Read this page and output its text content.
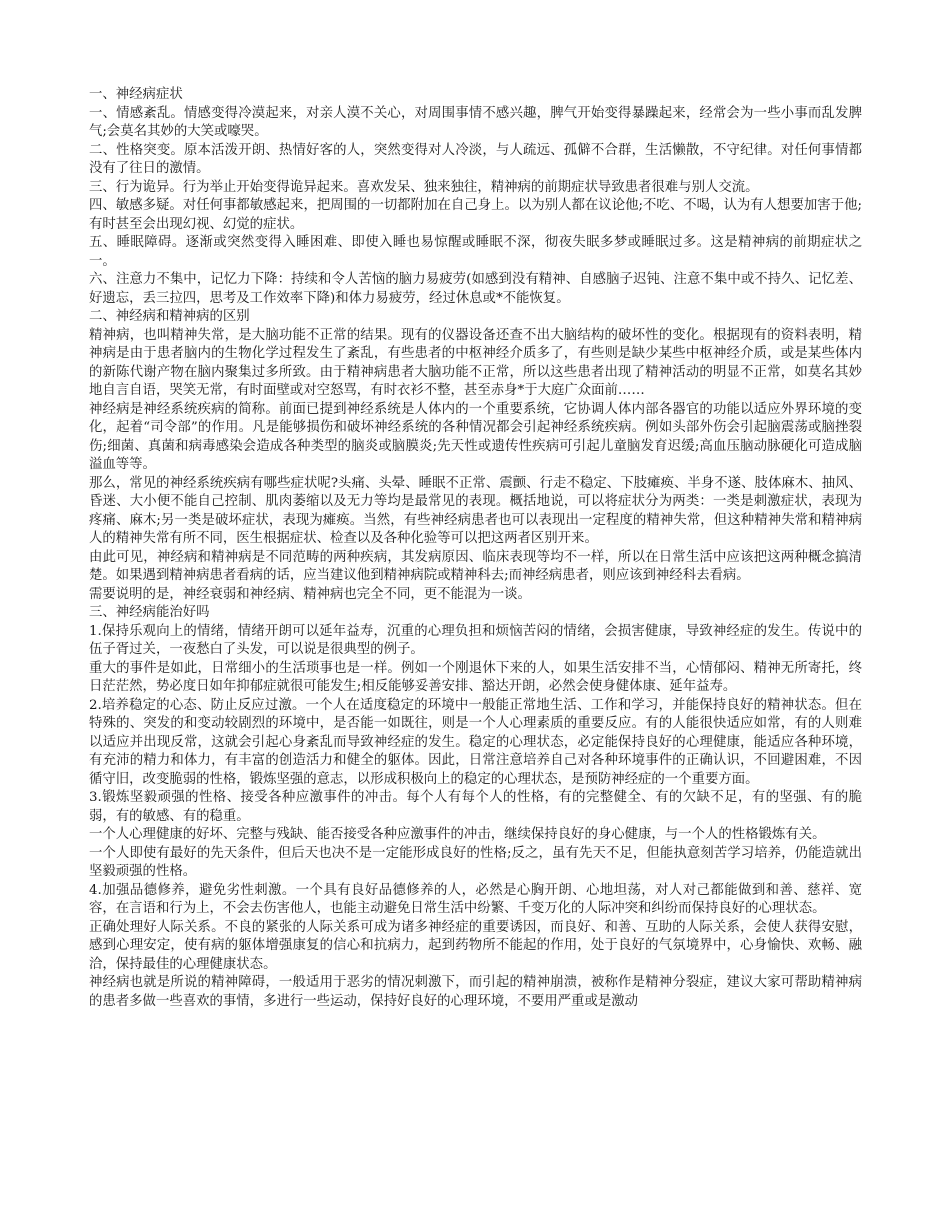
一、神经病症状

一、情感紊乱。情感变得冷漠起来，对亲人漠不关心，对周围事情不感兴趣，脾气开始变得暴躁起来，经常会为一些小事而乱发脾气;会莫名其妙的大笑或嚎哭。

二、性格突变。原本活泼开朗、热情好客的人，突然变得对人冷淡，与人疏远、孤僻不合群，生活懒散，不守纪律。对任何事情都没有了往日的激情。

三、行为诡异。行为举止开始变得诡异起来。喜欢发呆、独来独往，精神病的前期症状导致患者很难与别人交流。

四、敏感多疑。对任何事都敏感起来，把周围的一切都附加在自己身上。以为别人都在议论他;不吃、不喝，认为有人想要加害于他;有时甚至会出现幻视、幻觉的症状。

五、睡眠障碍。逐渐或突然变得入睡困难、即使入睡也易惊醒或睡眠不深，彻夜失眠多梦或睡眠过多。这是精神病的前期症状之一。

六、注意力不集中，记忆力下降：持续和令人苦恼的脑力易疲劳(如感到没有精神、自感脑子迟钝、注意不集中或不持久、记忆差、好遗忘，丢三拉四，思考及工作效率下降)和体力易疲劳，经过休息或*不能恢复。

二、神经病和精神病的区别

精神病，也叫精神失常，是大脑功能不正常的结果。现有的仪器设备还查不出大脑结构的破坏性的变化。根据现有的资料表明，精神病是由于患者脑内的生物化学过程发生了紊乱，有些患者的中枢神经介质多了，有些则是缺少某些中枢神经介质，或是某些体内的新陈代谢产物在脑内聚集过多所致。由于精神病患者大脑功能不正常，所以这些患者出现了精神活动的明显不正常，如莫名其妙地自言自语，哭笑无常，有时面壁或对空怒骂，有时衣衫不整，甚至赤身*于大庭广众面前……

神经病是神经系统疾病的简称。前面已提到神经系统是人体内的一个重要系统，它协调人体内部各器官的功能以适应外界环境的变化，起着“司令部”的作用。凡是能够损伤和破坏神经系统的各种情况都会引起神经系统疾病。例如头部外伤会引起脑震荡或脑挫裂伤;细菌、真菌和病毒感染会造成各种类型的脑炎或脑膜炎;先天性或遗传性疾病可引起儿童脑发育迟缓;高血压脑动脉硬化可造成脑溢血等等。

那么，常见的神经系统疾病有哪些症状呢?头痛、头晕、睡眠不正常、震颤、行走不稳定、下肢瘫痪、半身不遂、肢体麻木、抽风、昏迷、大小便不能自己控制、肌肉萎缩以及无力等均是最常见的表现。概括地说，可以将症状分为两类：一类是刺激症状，表现为疼痛、麻木;另一类是破坏症状，表现为瘫痪。当然，有些神经病患者也可以表现出一定程度的精神失常，但这种精神失常和精神病人的精神失常有所不同，医生根据症状、检查以及各种化验等可以把这两者区别开来。

由此可见，神经病和精神病是不同范畴的两种疾病，其发病原因、临床表现等均不一样，所以在日常生活中应该把这两种概念搞清楚。如果遇到精神病患者看病的话，应当建议他到精神病院或精神科去;而神经病患者，则应该到神经科去看病。

需要说明的是，神经衰弱和神经病、精神病也完全不同，更不能混为一谈。

三、神经病能治好吗

1.保持乐观向上的情绪，情绪开朗可以延年益寿，沉重的心理负担和烦恼苦闷的情绪，会损害健康，导致神经症的发生。传说中的伍子胥过关，一夜愁白了头发，可以说是很典型的例子。

重大的事件是如此，日常细小的生活琐事也是一样。例如一个刚退休下来的人，如果生活安排不当，心情郁闷、精神无所寄托，终日茫茫然，势必度日如年抑郁症就很可能发生;相反能够妥善安排、豁达开朗，必然会使身健体康、延年益寿。

2.培养稳定的心态、防止反应过激。一个人在适度稳定的环境中一般能正常地生活、工作和学习，并能保持良好的精神状态。但在特殊的、突发的和变动较剧烈的环境中，是否能一如既往，则是一个人心理素质的重要反应。有的人能很快适应如常，有的人则难以适应并出现反常，这就会引起心身紊乱而导致神经症的发生。稳定的心理状态，必定能保持良好的心理健康，能适应各种环境，有充沛的精力和体力，有丰富的创造活力和健全的躯体。因此，日常注意培养自己对各种环境事件的正确认识，不回避困难，不因循守旧，改变脆弱的性格，锻炼坚强的意志，以形成积极向上的稳定的心理状态，是预防神经症的一个重要方面。

3.锻炼坚毅顽强的性格、接受各种应激事件的冲击。每个人有每个人的性格，有的完整健全、有的欠缺不足，有的坚强、有的脆弱，有的敏感、有的稳重。

一个人心理健康的好坏、完整与残缺、能否接受各种应激事件的冲击，继续保持良好的身心健康，与一个人的性格锻炼有关。

一个人即使有最好的先天条件，但后天也决不是一定能形成良好的性格;反之，虽有先天不足，但能执意刻苦学习培养，仍能造就出坚毅顽强的性格。

4.加强品德修养，避免劣性刺激。一个具有良好品德修养的人，必然是心胸开朗、心地坦荡，对人对己都能做到和善、慈祥、宽容，在言语和行为上，不会去伤害他人，也能主动避免日常生活中纷繁、千变万化的人际冲突和纠纷而保持良好的心理状态。

正确处理好人际关系。不良的紧张的人际关系可成为诸多神经症的重要诱因，而良好、和善、互助的人际关系，会使人获得安慰，感到心理安定，使有病的躯体增强康复的信心和抗病力，起到药物所不能起的作用，处于良好的气氛境界中，心身愉快、欢畅、融洽，保持最佳的心理健康状态。

神经病也就是所说的精神障碍，一般适用于恶劣的情况刺激下，而引起的精神崩溃，被称作是精神分裂症，建议大家可帮助精神病的患者多做一些喜欢的事情，多进行一些运动，保持好良好的心理环境，不要用严重或是激动
